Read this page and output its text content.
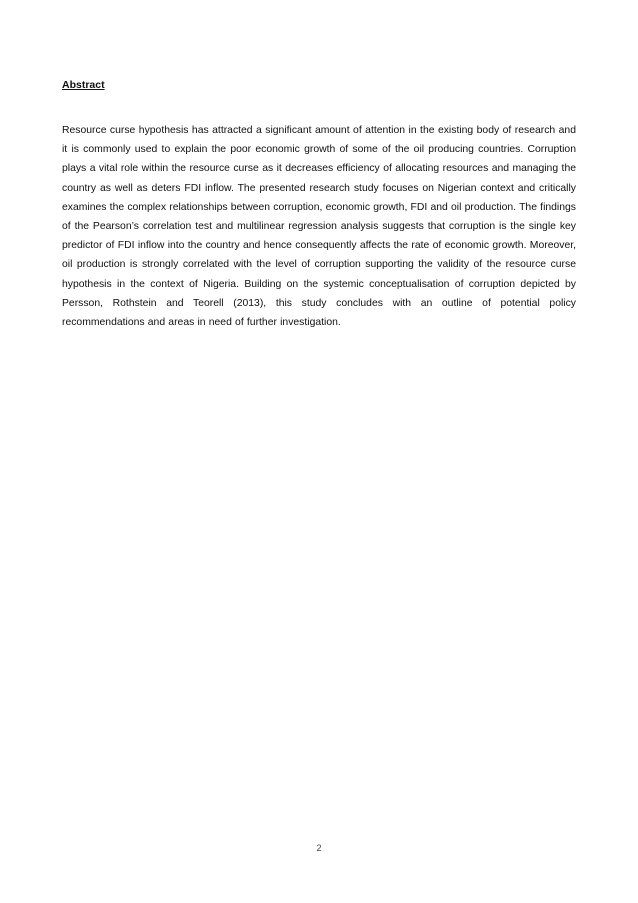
Abstract

Resource curse hypothesis has attracted a significant amount of attention in the existing body of research and it is commonly used to explain the poor economic growth of some of the oil producing countries. Corruption plays a vital role within the resource curse as it decreases efficiency of allocating resources and managing the country as well as deters FDI inflow. The presented research study focuses on Nigerian context and critically examines the complex relationships between corruption, economic growth, FDI and oil production. The findings of the Pearson’s correlation test and multilinear regression analysis suggests that corruption is the single key predictor of FDI inflow into the country and hence consequently affects the rate of economic growth. Moreover, oil production is strongly correlated with the level of corruption supporting the validity of the resource curse hypothesis in the context of Nigeria. Building on the systemic conceptualisation of corruption depicted by Persson, Rothstein and Teorell (2013), this study concludes with an outline of potential policy recommendations and areas in need of further investigation.

2
